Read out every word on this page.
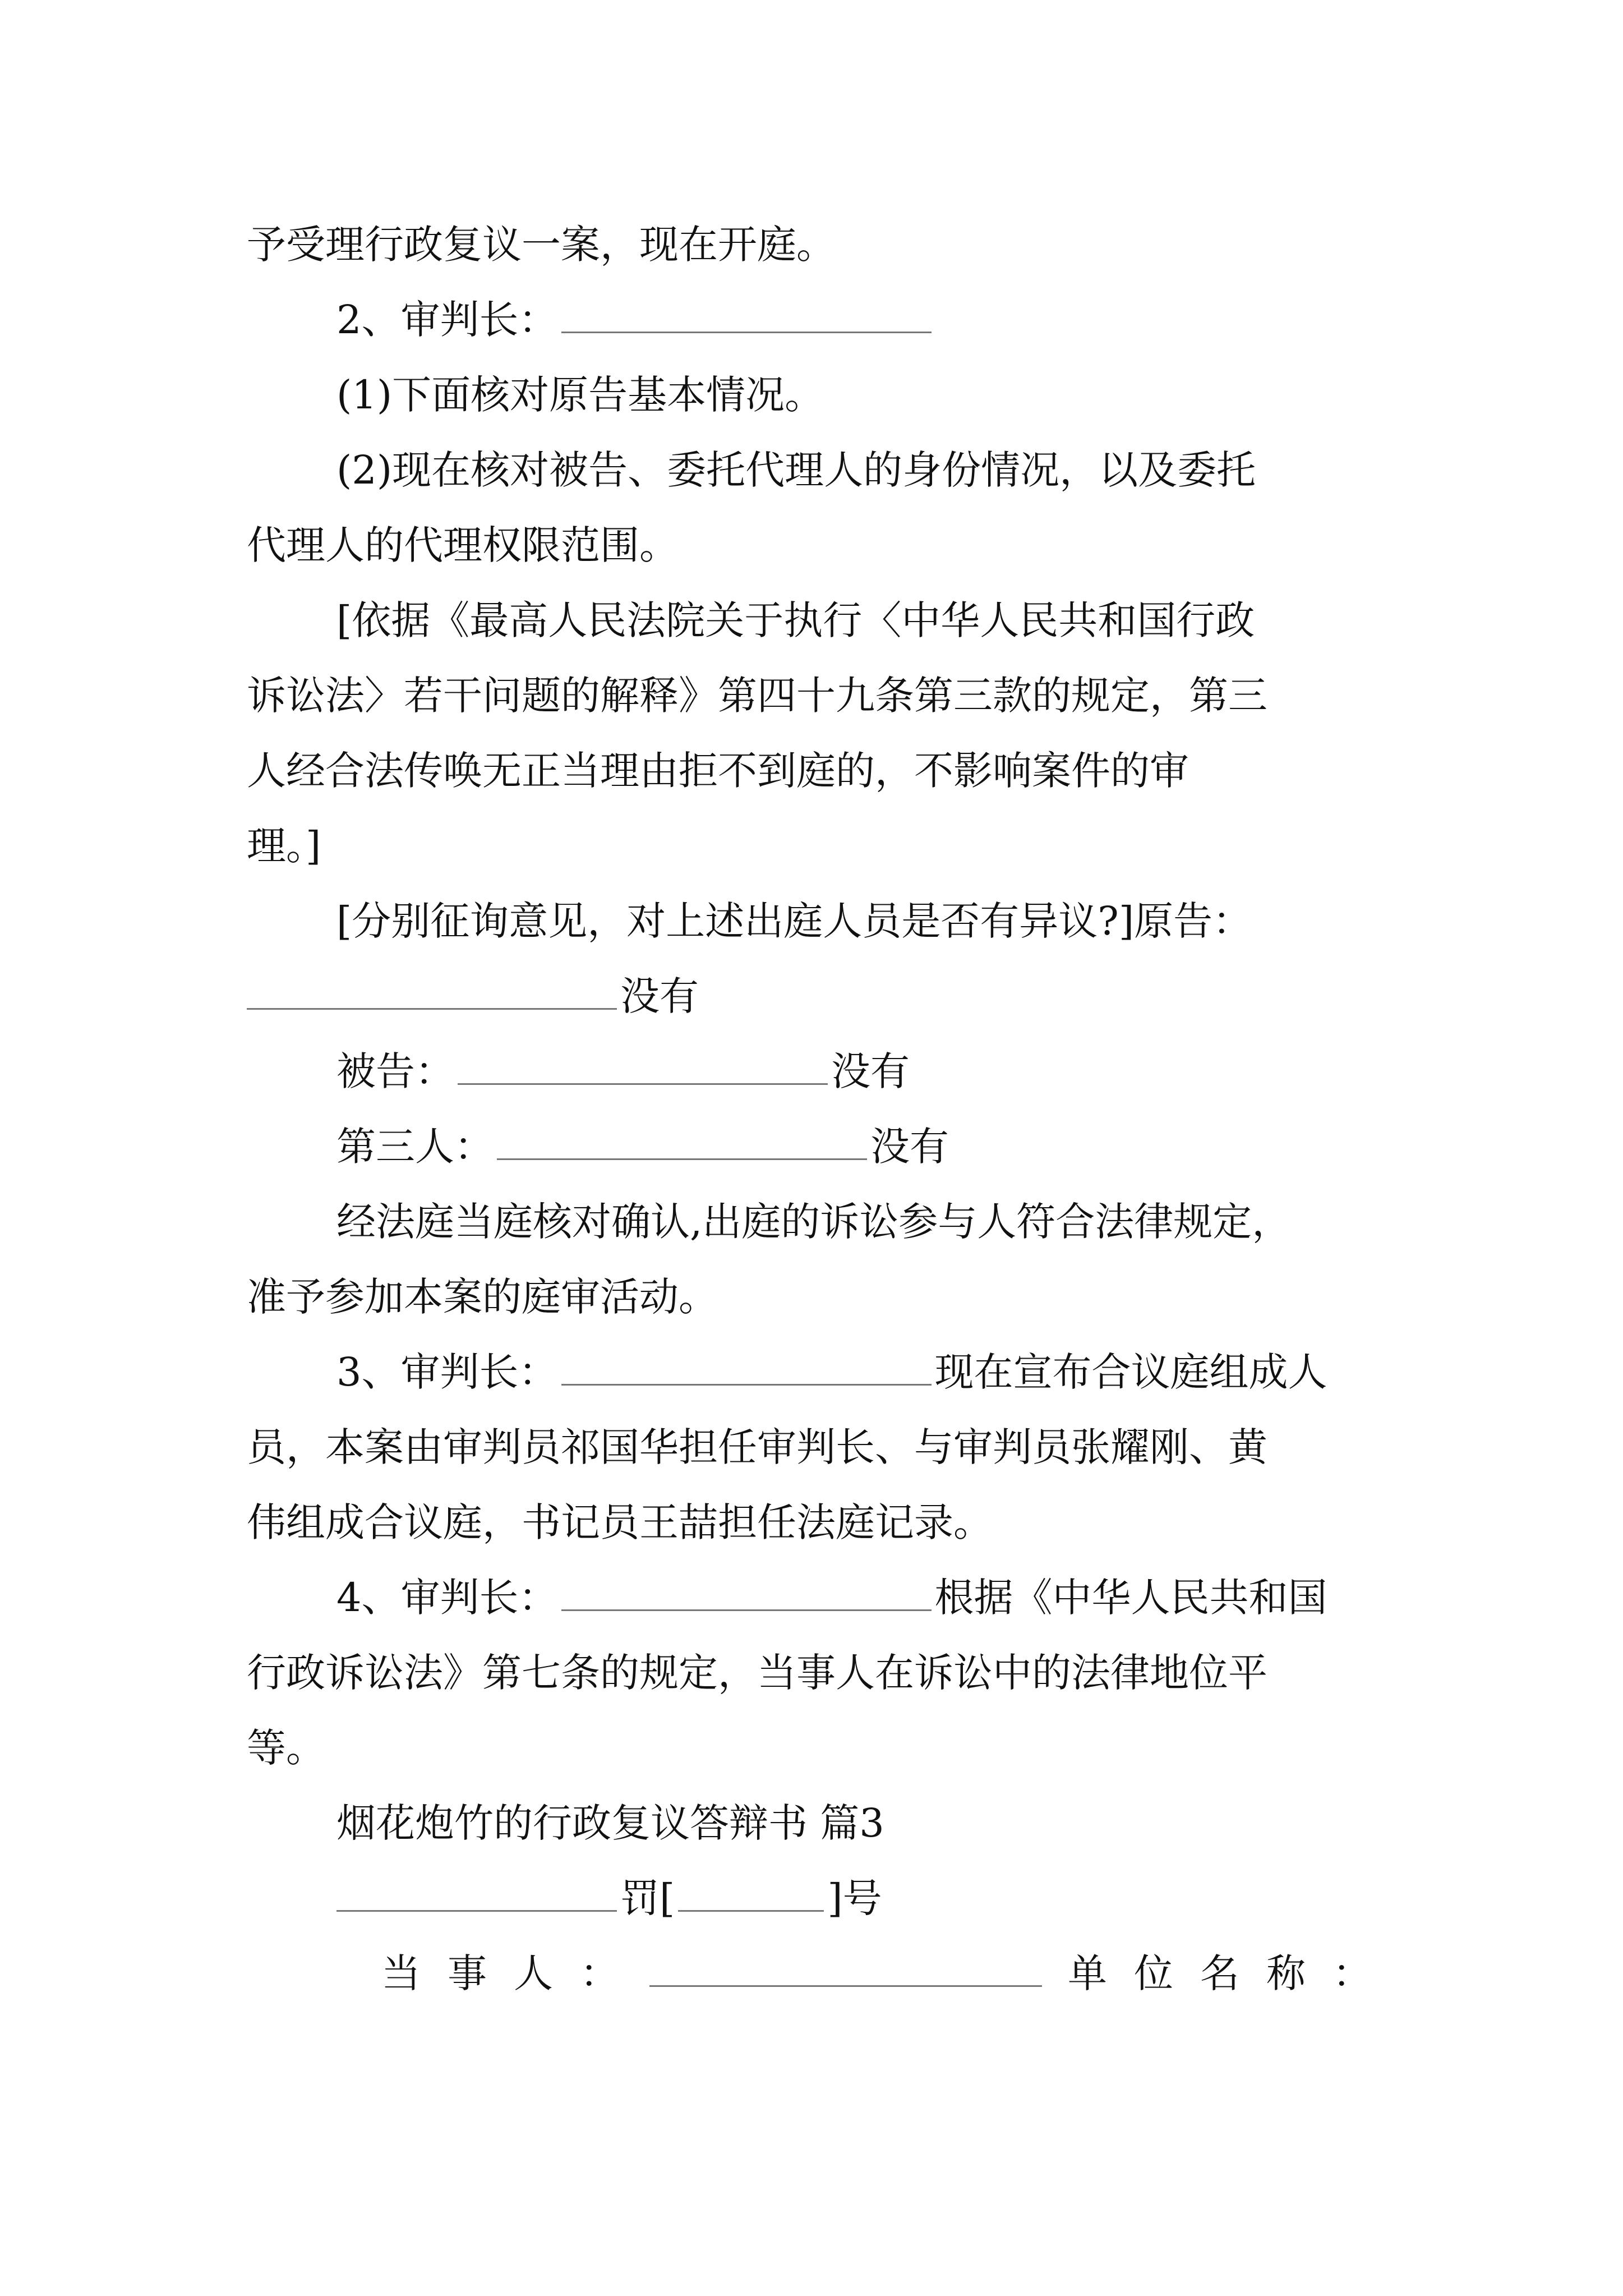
予受理行政复议一案，现在开庭。
2、审判长：
(1)下面核对原告基本情况。
(2)现在核对被告、委托代理人的身份情况，以及委托
代理人的代理权限范围。
[依据《最高人民法院关于执行〈中华人民共和国行政
诉讼法〉若干问题的解释》第四十九条第三款的规定，第三
人经合法传唤无正当理由拒不到庭的，不影响案件的审
理。]
[分别征询意见，对上述出庭人员是否有异议?]原告：
没有
被告：	没有
第三人：	没有
经法庭当庭核对确认,出庭的诉讼参与人符合法律规定，
准予参加本案的庭审活动。
3、审判长：	现在宣布合议庭组成人
员，本案由审判员祁国华担任审判长、与审判员张耀刚、黄
伟组成合议庭，书记员王喆担任法庭记录。
4、审判长：	根据《中华人民共和国
行政诉讼法》第七条的规定，当事人在诉讼中的法律地位平
等。
烟花炮竹的行政复议答辩书 篇3
罚[	]号
当事人：	单位名称：
